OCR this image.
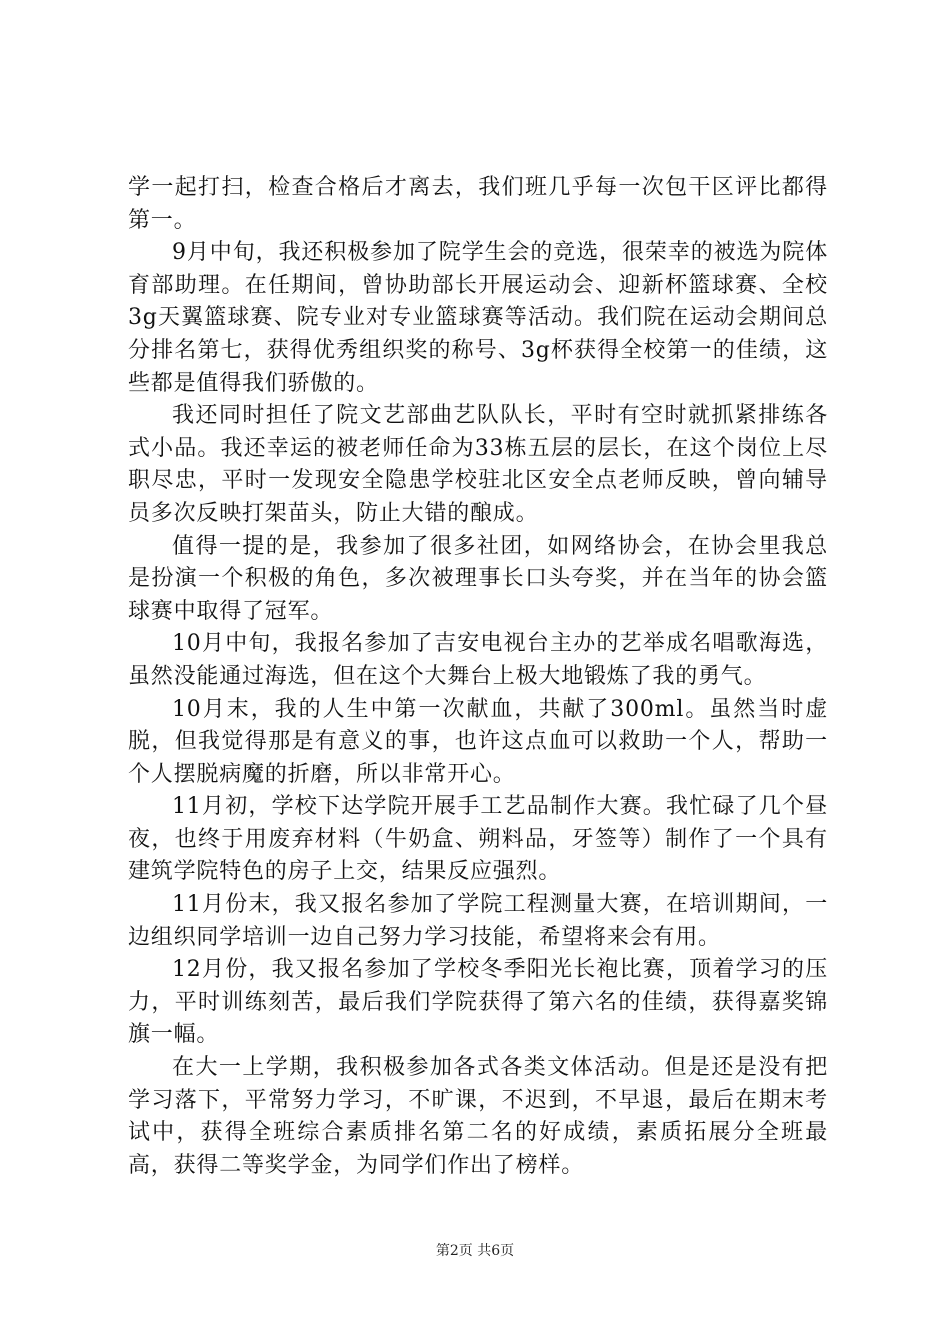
学一起打扫，检查合格后才离去，我们班几乎每一次包干区评比都得第一。

9月中旬，我还积极参加了院学生会的竞选，很荣幸的被选为院体育部助理。在任期间，曾协助部长开展运动会、迎新杯篮球赛、全校3g天翼篮球赛、院专业对专业篮球赛等活动。我们院在运动会期间总分排名第七，获得优秀组织奖的称号、3g杯获得全校第一的佳绩，这些都是值得我们骄傲的。

我还同时担任了院文艺部曲艺队队长，平时有空时就抓紧排练各式小品。我还幸运的被老师任命为33栋五层的层长，在这个岗位上尽职尽忠，平时一发现安全隐患学校驻北区安全点老师反映，曾向辅导员多次反映打架苗头，防止大错的酿成。

值得一提的是，我参加了很多社团，如网络协会，在协会里我总是扮演一个积极的角色，多次被理事长口头夸奖，并在当年的协会篮球赛中取得了冠军。

10月中旬，我报名参加了吉安电视台主办的艺举成名唱歌海选，虽然没能通过海选，但在这个大舞台上极大地锻炼了我的勇气。

10月末，我的人生中第一次献血，共献了300ml。虽然当时虚脱，但我觉得那是有意义的事，也许这点血可以救助一个人，帮助一个人摆脱病魔的折磨，所以非常开心。

11月初，学校下达学院开展手工艺品制作大赛。我忙碌了几个昼夜，也终于用废弃材料（牛奶盒、朔料品，牙签等）制作了一个具有建筑学院特色的房子上交，结果反应强烈。

11月份末，我又报名参加了学院工程测量大赛，在培训期间，一边组织同学培训一边自己努力学习技能，希望将来会有用。

12月份，我又报名参加了学校冬季阳光长袍比赛，顶着学习的压力，平时训练刻苦，最后我们学院获得了第六名的佳绩，获得嘉奖锦旗一幅。

在大一上学期，我积极参加各式各类文体活动。但是还是没有把学习落下，平常努力学习，不旷课，不迟到，不早退，最后在期末考试中，获得全班综合素质排名第二名的好成绩，素质拓展分全班最高，获得二等奖学金，为同学们作出了榜样。

第2页 共6页
